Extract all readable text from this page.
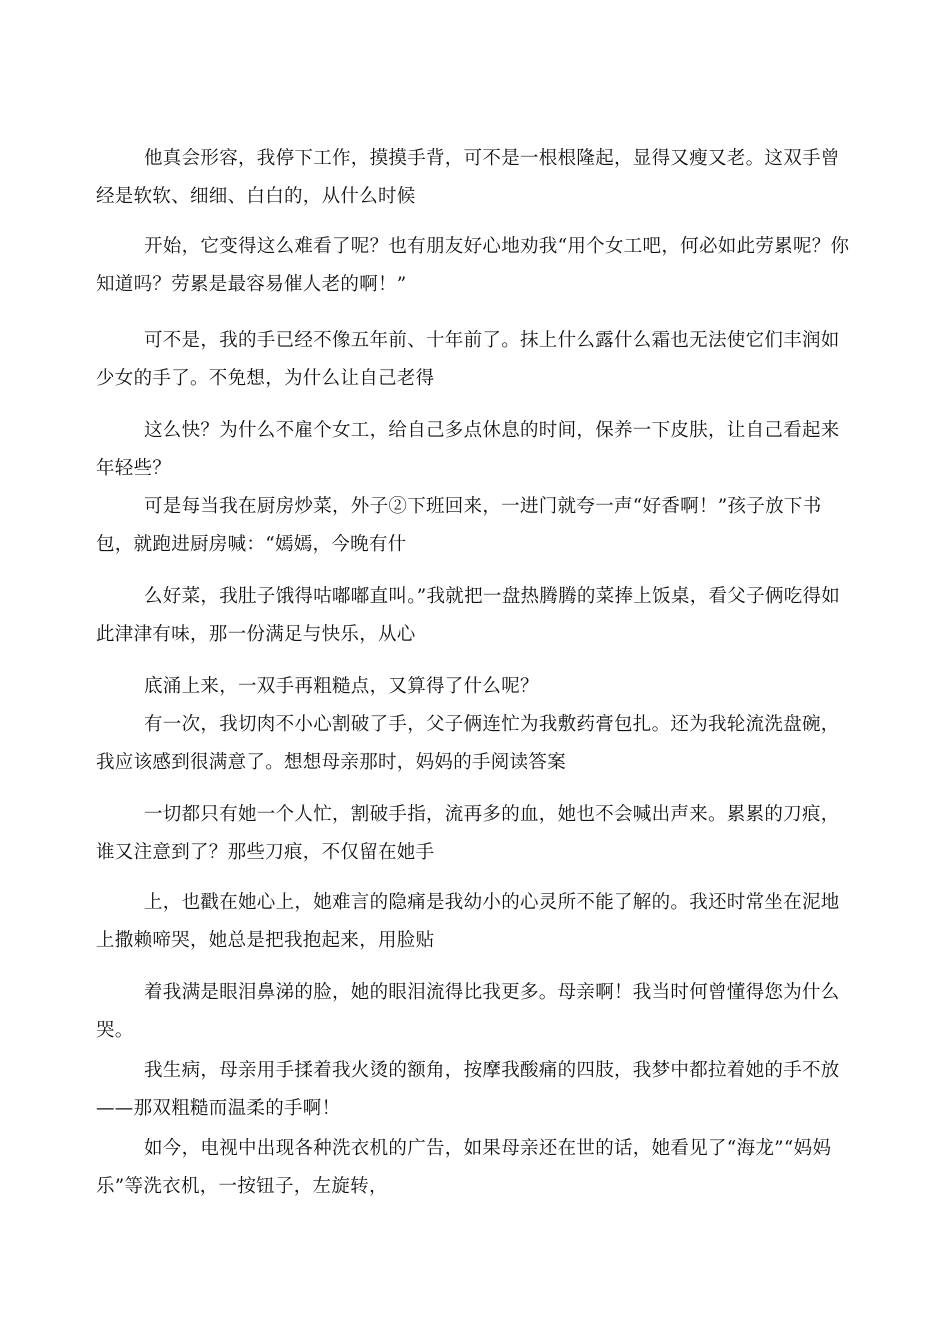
他真会形容，我停下工作，摸摸手背，可不是一根根隆起，显得又瘦又老。这双手曾经是软软、细细、白白的，从什么时候

开始，它变得这么难看了呢？也有朋友好心地劝我“用个女工吧，何必如此劳累呢？你知道吗？劳累是最容易催人老的啊！”

可不是，我的手已经不像五年前、十年前了。抹上什么露什么霜也无法使它们丰润如少女的手了。不免想，为什么让自己老得

这么快？为什么不雇个女工，给自己多点休息的时间，保养一下皮肤，让自己看起来年轻些？

可是每当我在厨房炒菜，外子②下班回来，一进门就夸一声“好香啊！”孩子放下书包，就跑进厨房喊：“嫣嫣，今晚有什

么好菜，我肚子饿得咕嘟嘟直叫。”我就把一盘热腾腾的菜捧上饭桌，看父子俩吃得如此津津有味，那一份满足与快乐，从心

底涌上来，一双手再粗糙点，又算得了什么呢？

有一次，我切肉不小心割破了手，父子俩连忙为我敷药膏包扎。还为我轮流洗盘碗，我应该感到很满意了。想想母亲那时，妈妈的手阅读答案

一切都只有她一个人忙，割破手指，流再多的血，她也不会喊出声来。累累的刀痕，谁又注意到了？那些刀痕，不仅留在她手

上，也戳在她心上，她难言的隐痛是我幼小的心灵所不能了解的。我还时常坐在泥地上撒赖啼哭，她总是把我抱起来，用脸贴

着我满是眼泪鼻涕的脸，她的眼泪流得比我更多。母亲啊！我当时何曾懂得您为什么哭。

我生病，母亲用手揉着我火烫的额角，按摩我酸痛的四肢，我梦中都拉着她的手不放——那双粗糙而温柔的手啊！

如今，电视中出现各种洗衣机的广告，如果母亲还在世的话，她看见了“海龙”“妈妈乐”等洗衣机，一按钮子，左旋转，
